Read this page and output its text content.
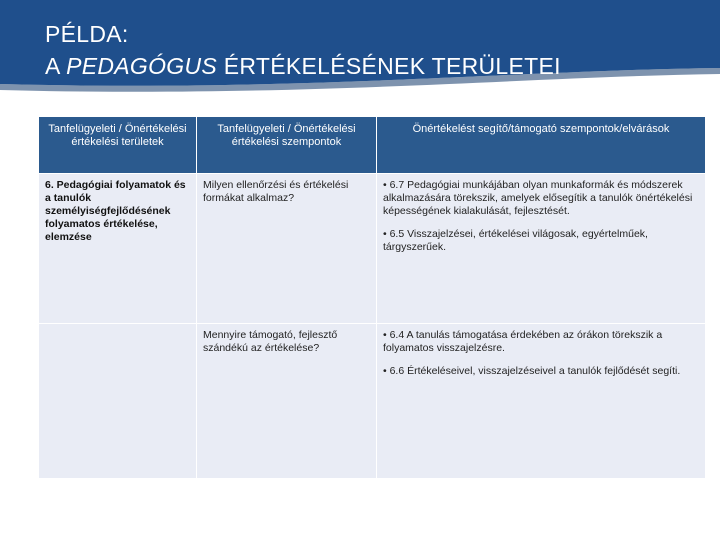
PÉLDA:
A PEDAGÓGUS ÉRTÉKELÉSÉNEK TERÜLETEI
Tanfelügyeleti / Önértékelési értékelési területek	Tanfelügyeleti / Önértékelési értékelési szempontok	Önértékelést segítő/támogató szempontok/elvárások
6. Pedagógiai folyamatok és a tanulók személyiségfejlődésének folyamatos értékelése, elemzése	Milyen ellenőrzési és értékelési formákat alkalmaz?	• 6.7 Pedagógiai munkájában olyan munkaformák és módszerek alkalmazására törekszik, amelyek elősegítik a tanulók önértékelési képességének kialakulását, fejlesztését.
• 6.5 Visszajelzései, értékelései világosak, egyértelműek, tárgyszerűek.

	Mennyire támogató, fejlesztő szándékú az értékelése?	• 6.4 A tanulás támogatása érdekében az órákon törekszik a folyamatos visszajelzésre.
• 6.6 Értékeléseivel, visszajelzéseivel a tanulók fejlődését segíti.
